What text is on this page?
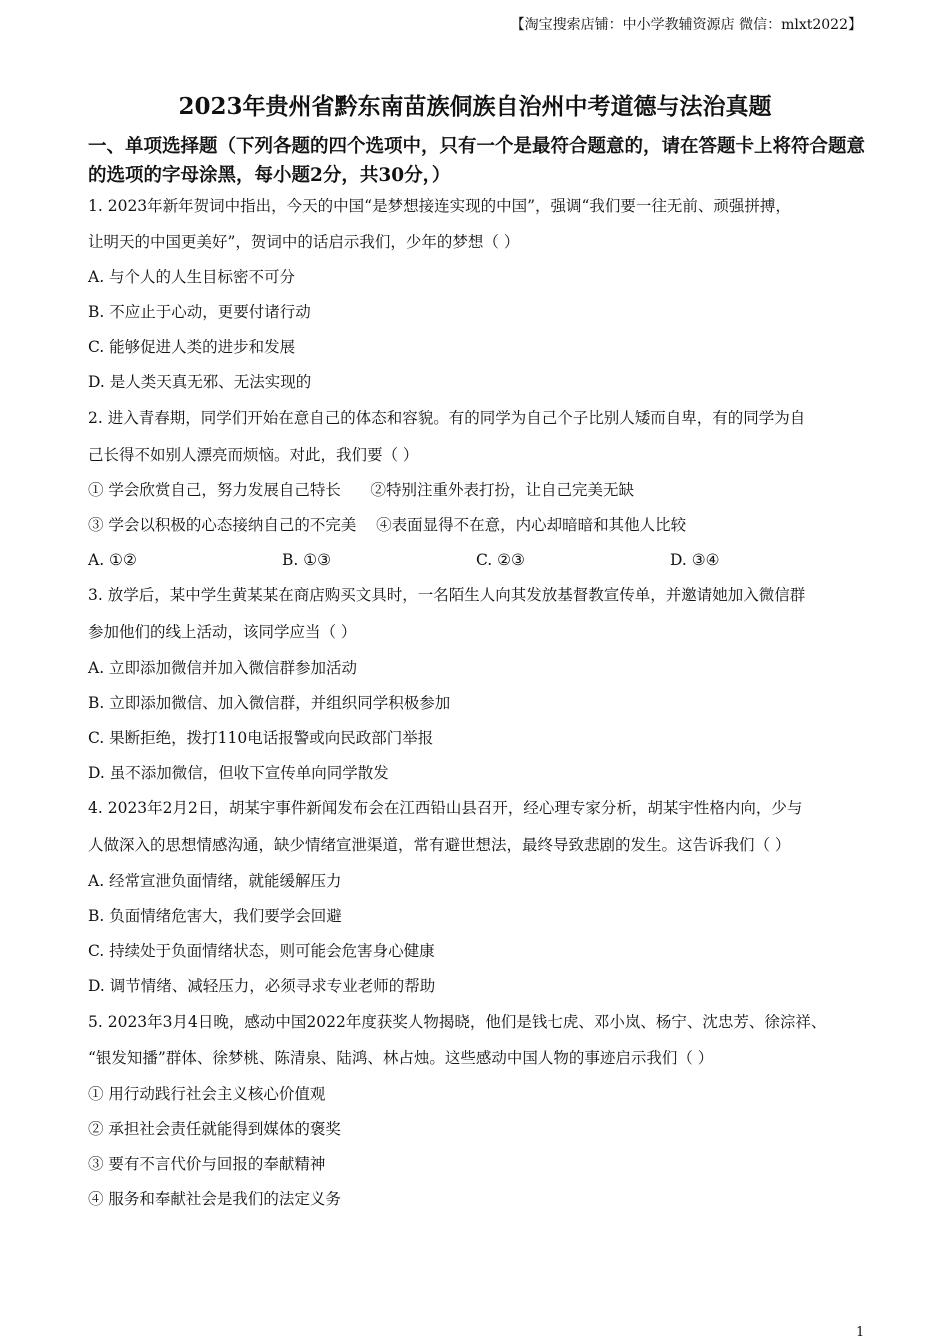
【淘宝搜索店铺：中小学教辅资源店 微信：mlxt2022】
2023年贵州省黔东南苗族侗族自治州中考道德与法治真题
一、单项选择题（下列各题的四个选项中，只有一个是最符合题意的，请在答题卡上将符合题意的选项的字母涂黑，每小题2分，共30分，）
1. 2023年新年贺词中指出，今天的中国“是梦想接连实现的中国”，强调“我们要一往无前、顽强拼搏，
让明天的中国更美好”，贺词中的话启示我们，少年的梦想（ ）
A. 与个人的人生目标密不可分
B. 不应止于心动，更要付诸行动
C. 能够促进人类的进步和发展
D. 是人类天真无邪、无法实现的
2. 进入青春期，同学们开始在意自己的体态和容貌。有的同学为自己个子比别人矮而自卑，有的同学为自
己长得不如别人漂亮而烦恼。对此，我们要（ ）
① 学会欣赏自己，努力发展自己特长      ②特别注重外表打扮，让自己完美无缺
③ 学会以积极的心态接纳自己的不完美    ④表面显得不在意，内心却暗暗和其他人比较
A. ①②	B. ①③	C. ②③	D. ③④
3. 放学后，某中学生黄某某在商店购买文具时，一名陌生人向其发放基督教宣传单，并邀请她加入微信群
参加他们的线上活动，该同学应当（ ）
A. 立即添加微信并加入微信群参加活动
B. 立即添加微信、加入微信群，并组织同学积极参加
C. 果断拒绝，拨打110电话报警或向民政部门举报
D. 虽不添加微信，但收下宣传单向同学散发
4. 2023年2月2日，胡某宇事件新闻发布会在江西铅山县召开，经心理专家分析，胡某宇性格内向，少与
人做深入的思想情感沟通，缺少情绪宣泄渠道，常有避世想法，最终导致悲剧的发生。这告诉我们（ ）
A. 经常宣泄负面情绪，就能缓解压力
B. 负面情绪危害大，我们要学会回避
C. 持续处于负面情绪状态，则可能会危害身心健康
D. 调节情绪、减轻压力，必须寻求专业老师的帮助
5. 2023年3月4日晚，感动中国2022年度获奖人物揭晓，他们是钱七虎、邓小岚、杨宁、沈忠芳、徐淙祥、
“银发知播”群体、徐梦桃、陈清泉、陆鸿、林占烛。这些感动中国人物的事迹启示我们（ ）
① 用行动践行社会主义核心价值观
② 承担社会责任就能得到媒体的褒奖
③ 要有不言代价与回报的奉献精神
④ 服务和奉献社会是我们的法定义务
1
